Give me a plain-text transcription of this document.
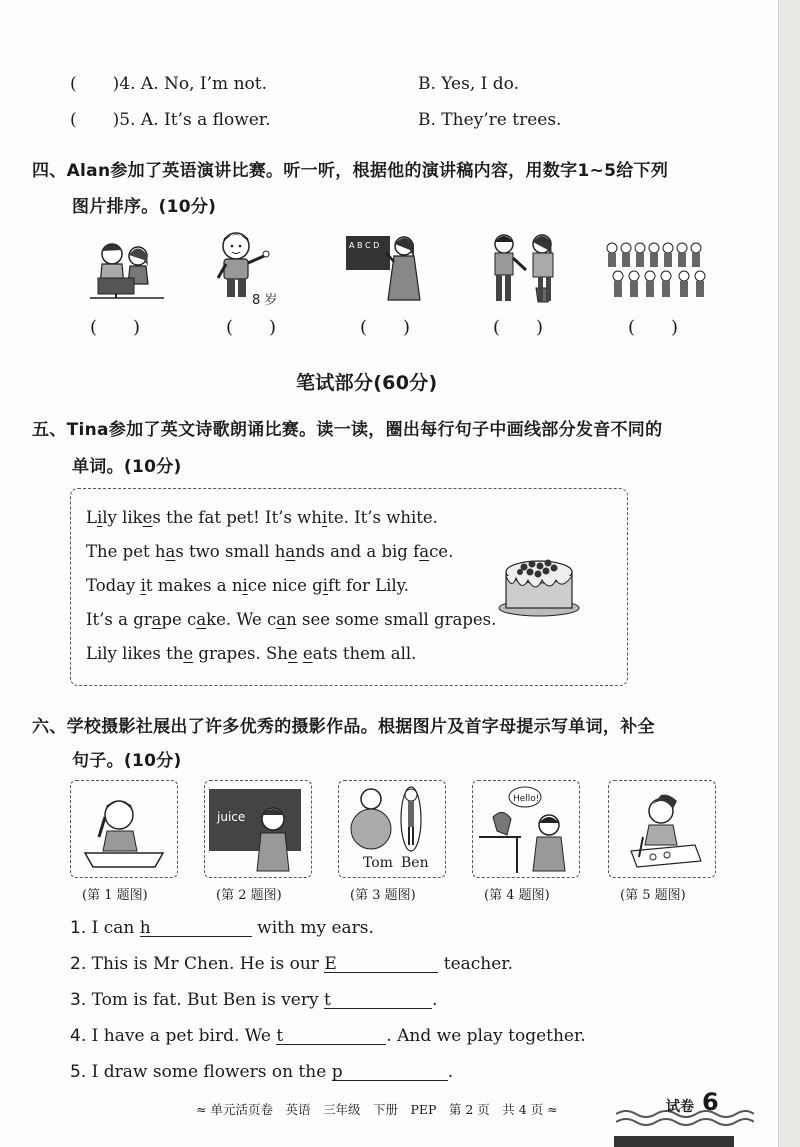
( )4. A. No, I’m not.	B. Yes, I do.
( )5. A. It’s a flower.	B. They’re trees.
四、Alan参加了英语演讲比赛。听一听，根据他的演讲稿内容，用数字1~5给下列
图片排序。(10分)
8 岁
A B C D
(　　)	(　　)	(　　)	(　　)	(　　)
笔试部分(60分)
五、Tina参加了英文诗歌朗诵比赛。读一读，圈出每行句子中画线部分发音不同的
单词。(10分)
Lily likes the fat pet! It’s white. It’s white.
The pet has two small hands and a big face.
Today it makes a nice nice gift for Lily.
It’s a grape cake. We can see some small grapes.
Lily likes the grapes. She eats them all.
六、学校摄影社展出了许多优秀的摄影作品。根据图片及首字母提示写单词，补全
句子。(10分)
juice
Tom Ben
Hello!
(第 1 题图)	(第 2 题图)	(第 3 题图)	(第 4 题图)	(第 5 题图)
1. I can h	with my ears.
2. This is Mr Chen. He is our E	teacher.
3. Tom is fat. But Ben is very t	.
4. I have a pet bird. We t	. And we play together.
5. I draw some flowers on the p	.
≈ 单元活页卷　英语　三年级　下册　PEP　第 2 页　共 4 页 ≈	试卷 6
